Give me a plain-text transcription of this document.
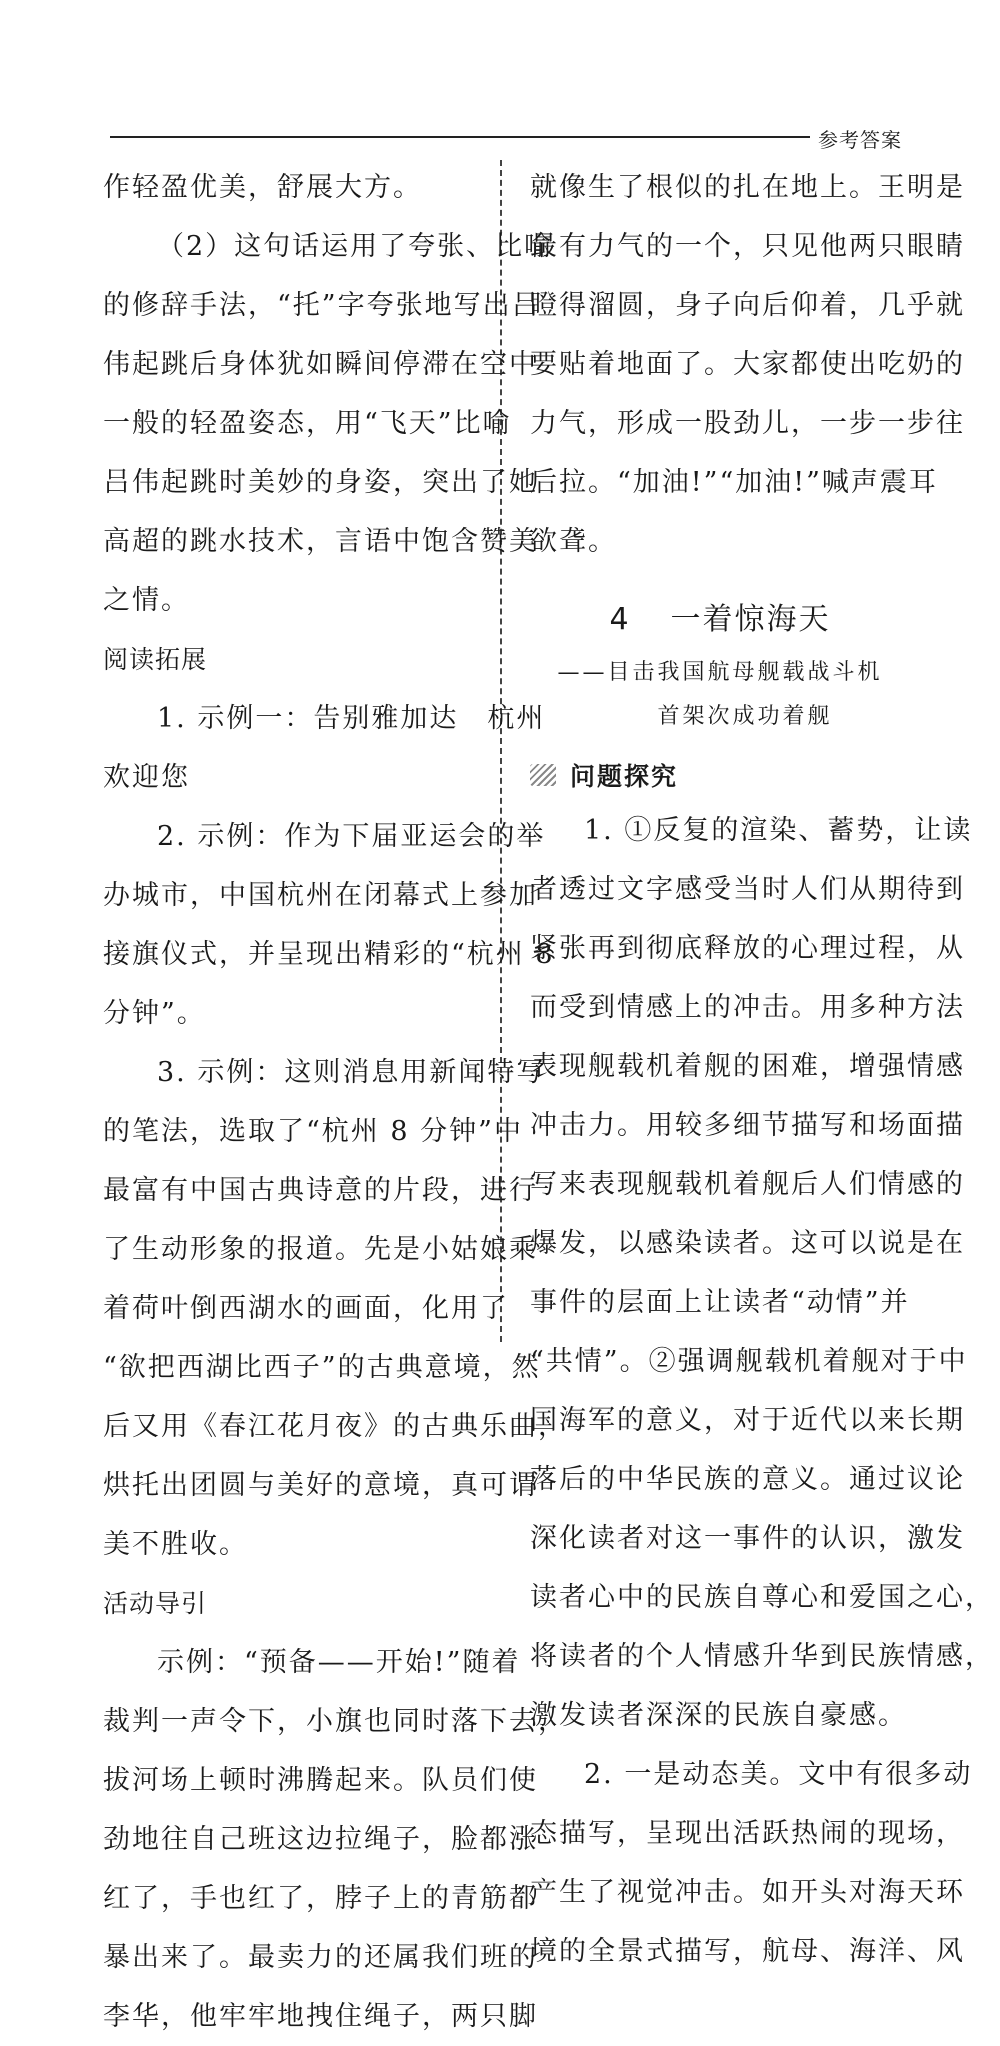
参考答案
作轻盈优美，舒展大方。
（2）这句话运用了夸张、比喻
的修辞手法，“托”字夸张地写出吕
伟起跳后身体犹如瞬间停滞在空中
一般的轻盈姿态，用“飞天”比喻
吕伟起跳时美妙的身姿，突出了她
高超的跳水技术，言语中饱含赞美
之情。
阅读拓展
1. 示例一：告别雅加达　杭州
欢迎您
2. 示例：作为下届亚运会的举
办城市，中国杭州在闭幕式上参加
接旗仪式，并呈现出精彩的“杭州 8
分钟”。
3. 示例：这则消息用新闻特写
的笔法，选取了“杭州 8 分钟”中
最富有中国古典诗意的片段，进行
了生动形象的报道。先是小姑娘乘
着荷叶倒西湖水的画面，化用了
“欲把西湖比西子”的古典意境，然
后又用《春江花月夜》的古典乐曲，
烘托出团圆与美好的意境，真可谓
美不胜收。
活动导引
示例：“预备——开始!”随着
裁判一声令下，小旗也同时落下去，
拔河场上顿时沸腾起来。队员们使
劲地往自己班这边拉绳子，脸都涨
红了，手也红了，脖子上的青筋都
暴出来了。最卖力的还属我们班的
李华，他牢牢地拽住绳子，两只脚
就像生了根似的扎在地上。王明是
最有力气的一个，只见他两只眼睛
瞪得溜圆，身子向后仰着，几乎就
要贴着地面了。大家都使出吃奶的
力气，形成一股劲儿，一步一步往
后拉。“加油!”“加油!”喊声震耳
欲聋。
4 一着惊海天
——目击我国航母舰载战斗机
首架次成功着舰
问题探究
1. ①反复的渲染、蓄势，让读
者透过文字感受当时人们从期待到
紧张再到彻底释放的心理过程，从
而受到情感上的冲击。用多种方法
表现舰载机着舰的困难，增强情感
冲击力。用较多细节描写和场面描
写来表现舰载机着舰后人们情感的
爆发，以感染读者。这可以说是在
事件的层面上让读者“动情”并
“共情”。②强调舰载机着舰对于中
国海军的意义，对于近代以来长期
落后的中华民族的意义。通过议论
深化读者对这一事件的认识，激发
读者心中的民族自尊心和爱国之心，
将读者的个人情感升华到民族情感，
激发读者深深的民族自豪感。
2. 一是动态美。文中有很多动
态描写，呈现出活跃热闹的现场，
产生了视觉冲击。如开头对海天环
境的全景式描写，航母、海洋、风
